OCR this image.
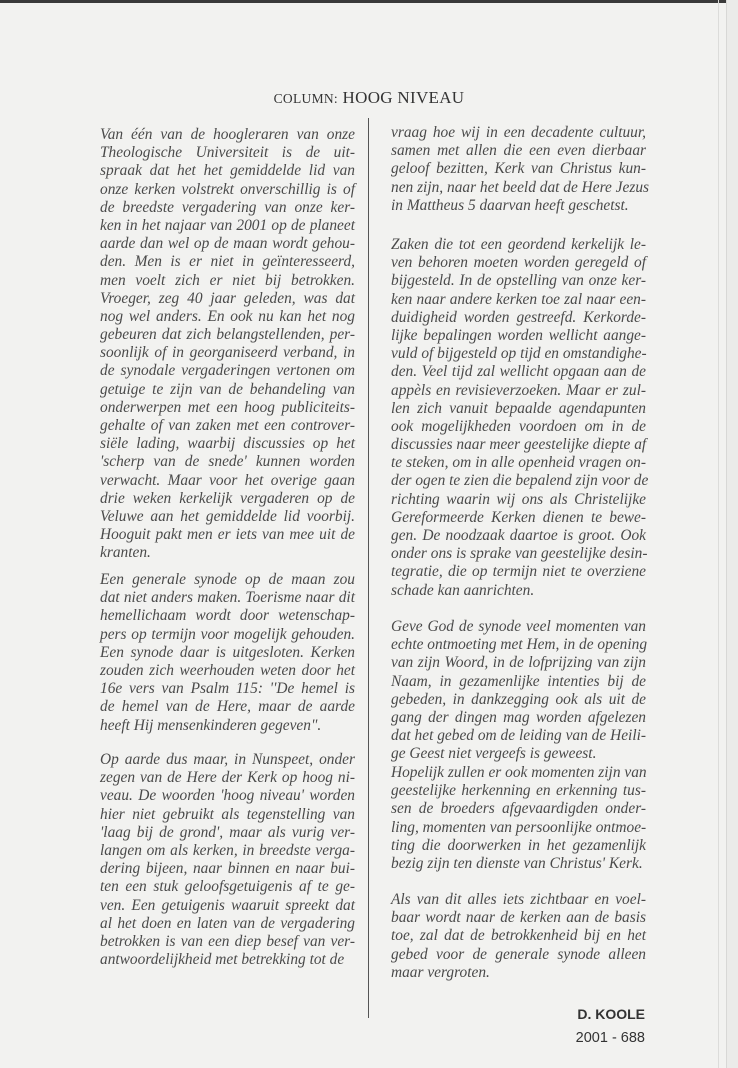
COLUMN: HOOG NIVEAU
Van één van de hoogleraren van onze
Theologische Universiteit is de uit-
spraak dat het het gemiddelde lid van
onze kerken volstrekt onverschillig is of
de breedste vergadering van onze ker-
ken in het najaar van 2001 op de planeet
aarde dan wel op de maan wordt gehou-
den. Men is er niet in geïnteresseerd,
men voelt zich er niet bij betrokken.
Vroeger, zeg 40 jaar geleden, was dat
nog wel anders. En ook nu kan het nog
gebeuren dat zich belangstellenden, per-
soonlijk of in georganiseerd verband, in
de synodale vergaderingen vertonen om
getuige te zijn van de behandeling van
onderwerpen met een hoog publiciteits-
gehalte of van zaken met een controver-
siële lading, waarbij discussies op het
'scherp van de snede' kunnen worden
verwacht. Maar voor het overige gaan
drie weken kerkelijk vergaderen op de
Veluwe aan het gemiddelde lid voorbij.
Hooguit pakt men er iets van mee uit de
kranten.
Een generale synode op de maan zou
dat niet anders maken. Toerisme naar dit
hemellichaam wordt door wetenschap-
pers op termijn voor mogelijk gehouden.
Een synode daar is uitgesloten. Kerken
zouden zich weerhouden weten door het
16e vers van Psalm 115: ''De hemel is
de hemel van de Here, maar de aarde
heeft Hij mensenkinderen gegeven".
Op aarde dus maar, in Nunspeet, onder
zegen van de Here der Kerk op hoog ni-
veau. De woorden 'hoog niveau' worden
hier niet gebruikt als tegenstelling van
'laag bij de grond', maar als vurig ver-
langen om als kerken, in breedste verga-
dering bijeen, naar binnen en naar bui-
ten een stuk geloofsgetuigenis af te ge-
ven. Een getuigenis waaruit spreekt dat
al het doen en laten van de vergadering
betrokken is van een diep besef van ver-
antwoordelijkheid met betrekking tot de
vraag hoe wij in een decadente cultuur,
samen met allen die een even dierbaar
geloof bezitten, Kerk van Christus kun-
nen zijn, naar het beeld dat de Here Jezus
in Mattheus 5 daarvan heeft geschetst.
Zaken die tot een geordend kerkelijk le-
ven behoren moeten worden geregeld of
bijgesteld. In de opstelling van onze ker-
ken naar andere kerken toe zal naar een-
duidigheid worden gestreefd. Kerkorde-
lijke bepalingen worden wellicht aange-
vuld of bijgesteld op tijd en omstandighe-
den. Veel tijd zal wellicht opgaan aan de
appèls en revisieverzoeken. Maar er zul-
len zich vanuit bepaalde agendapunten
ook mogelijkheden voordoen om in de
discussies naar meer geestelijke diepte af
te steken, om in alle openheid vragen on-
der ogen te zien die bepalend zijn voor de
richting waarin wij ons als Christelijke
Gereformeerde Kerken dienen te bewe-
gen. De noodzaak daartoe is groot. Ook
onder ons is sprake van geestelijke desin-
tegratie, die op termijn niet te overziene
schade kan aanrichten.
Geve God de synode veel momenten van
echte ontmoeting met Hem, in de opening
van zijn Woord, in de lofprijzing van zijn
Naam, in gezamenlijke intenties bij de
gebeden, in dankzegging ook als uit de
gang der dingen mag worden afgelezen
dat het gebed om de leiding van de Heili-
ge Geest niet vergeefs is geweest.
Hopelijk zullen er ook momenten zijn van
geestelijke herkenning en erkenning tus-
sen de broeders afgevaardigden onder-
ling, momenten van persoonlijke ontmoe-
ting die doorwerken in het gezamenlijk
bezig zijn ten dienste van Christus' Kerk.
Als van dit alles iets zichtbaar en voel-
baar wordt naar de kerken aan de basis
toe, zal dat de betrokkenheid bij en het
gebed voor de generale synode alleen
maar vergroten.
D. KOOLE
2001 - 688
